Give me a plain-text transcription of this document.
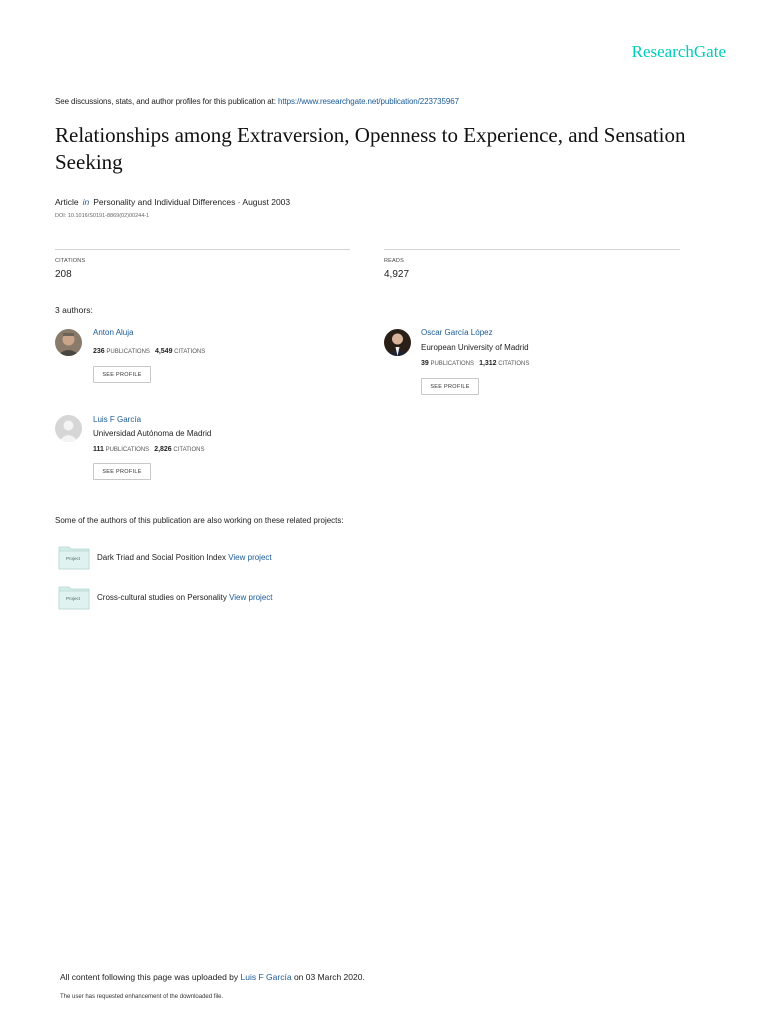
ResearchGate
See discussions, stats, and author profiles for this publication at: https://www.researchgate.net/publication/223735967
Relationships among Extraversion, Openness to Experience, and Sensation Seeking
Article in Personality and Individual Differences · August 2003
DOI: 10.1016/S0191-8869(02)00244-1
CITATIONS
208
READS
4,927
3 authors:
Anton Aluja
236 PUBLICATIONS 4,549 CITATIONS
SEE PROFILE
Oscar García López
European University of Madrid
39 PUBLICATIONS 1,312 CITATIONS
SEE PROFILE
Luis F García
Universidad Autónoma de Madrid
111 PUBLICATIONS 2,826 CITATIONS
SEE PROFILE
Some of the authors of this publication are also working on these related projects:
Project Dark Triad and Social Position Index View project
Project Cross-cultural studies on Personality View project
All content following this page was uploaded by Luis F García on 03 March 2020.
The user has requested enhancement of the downloaded file.
